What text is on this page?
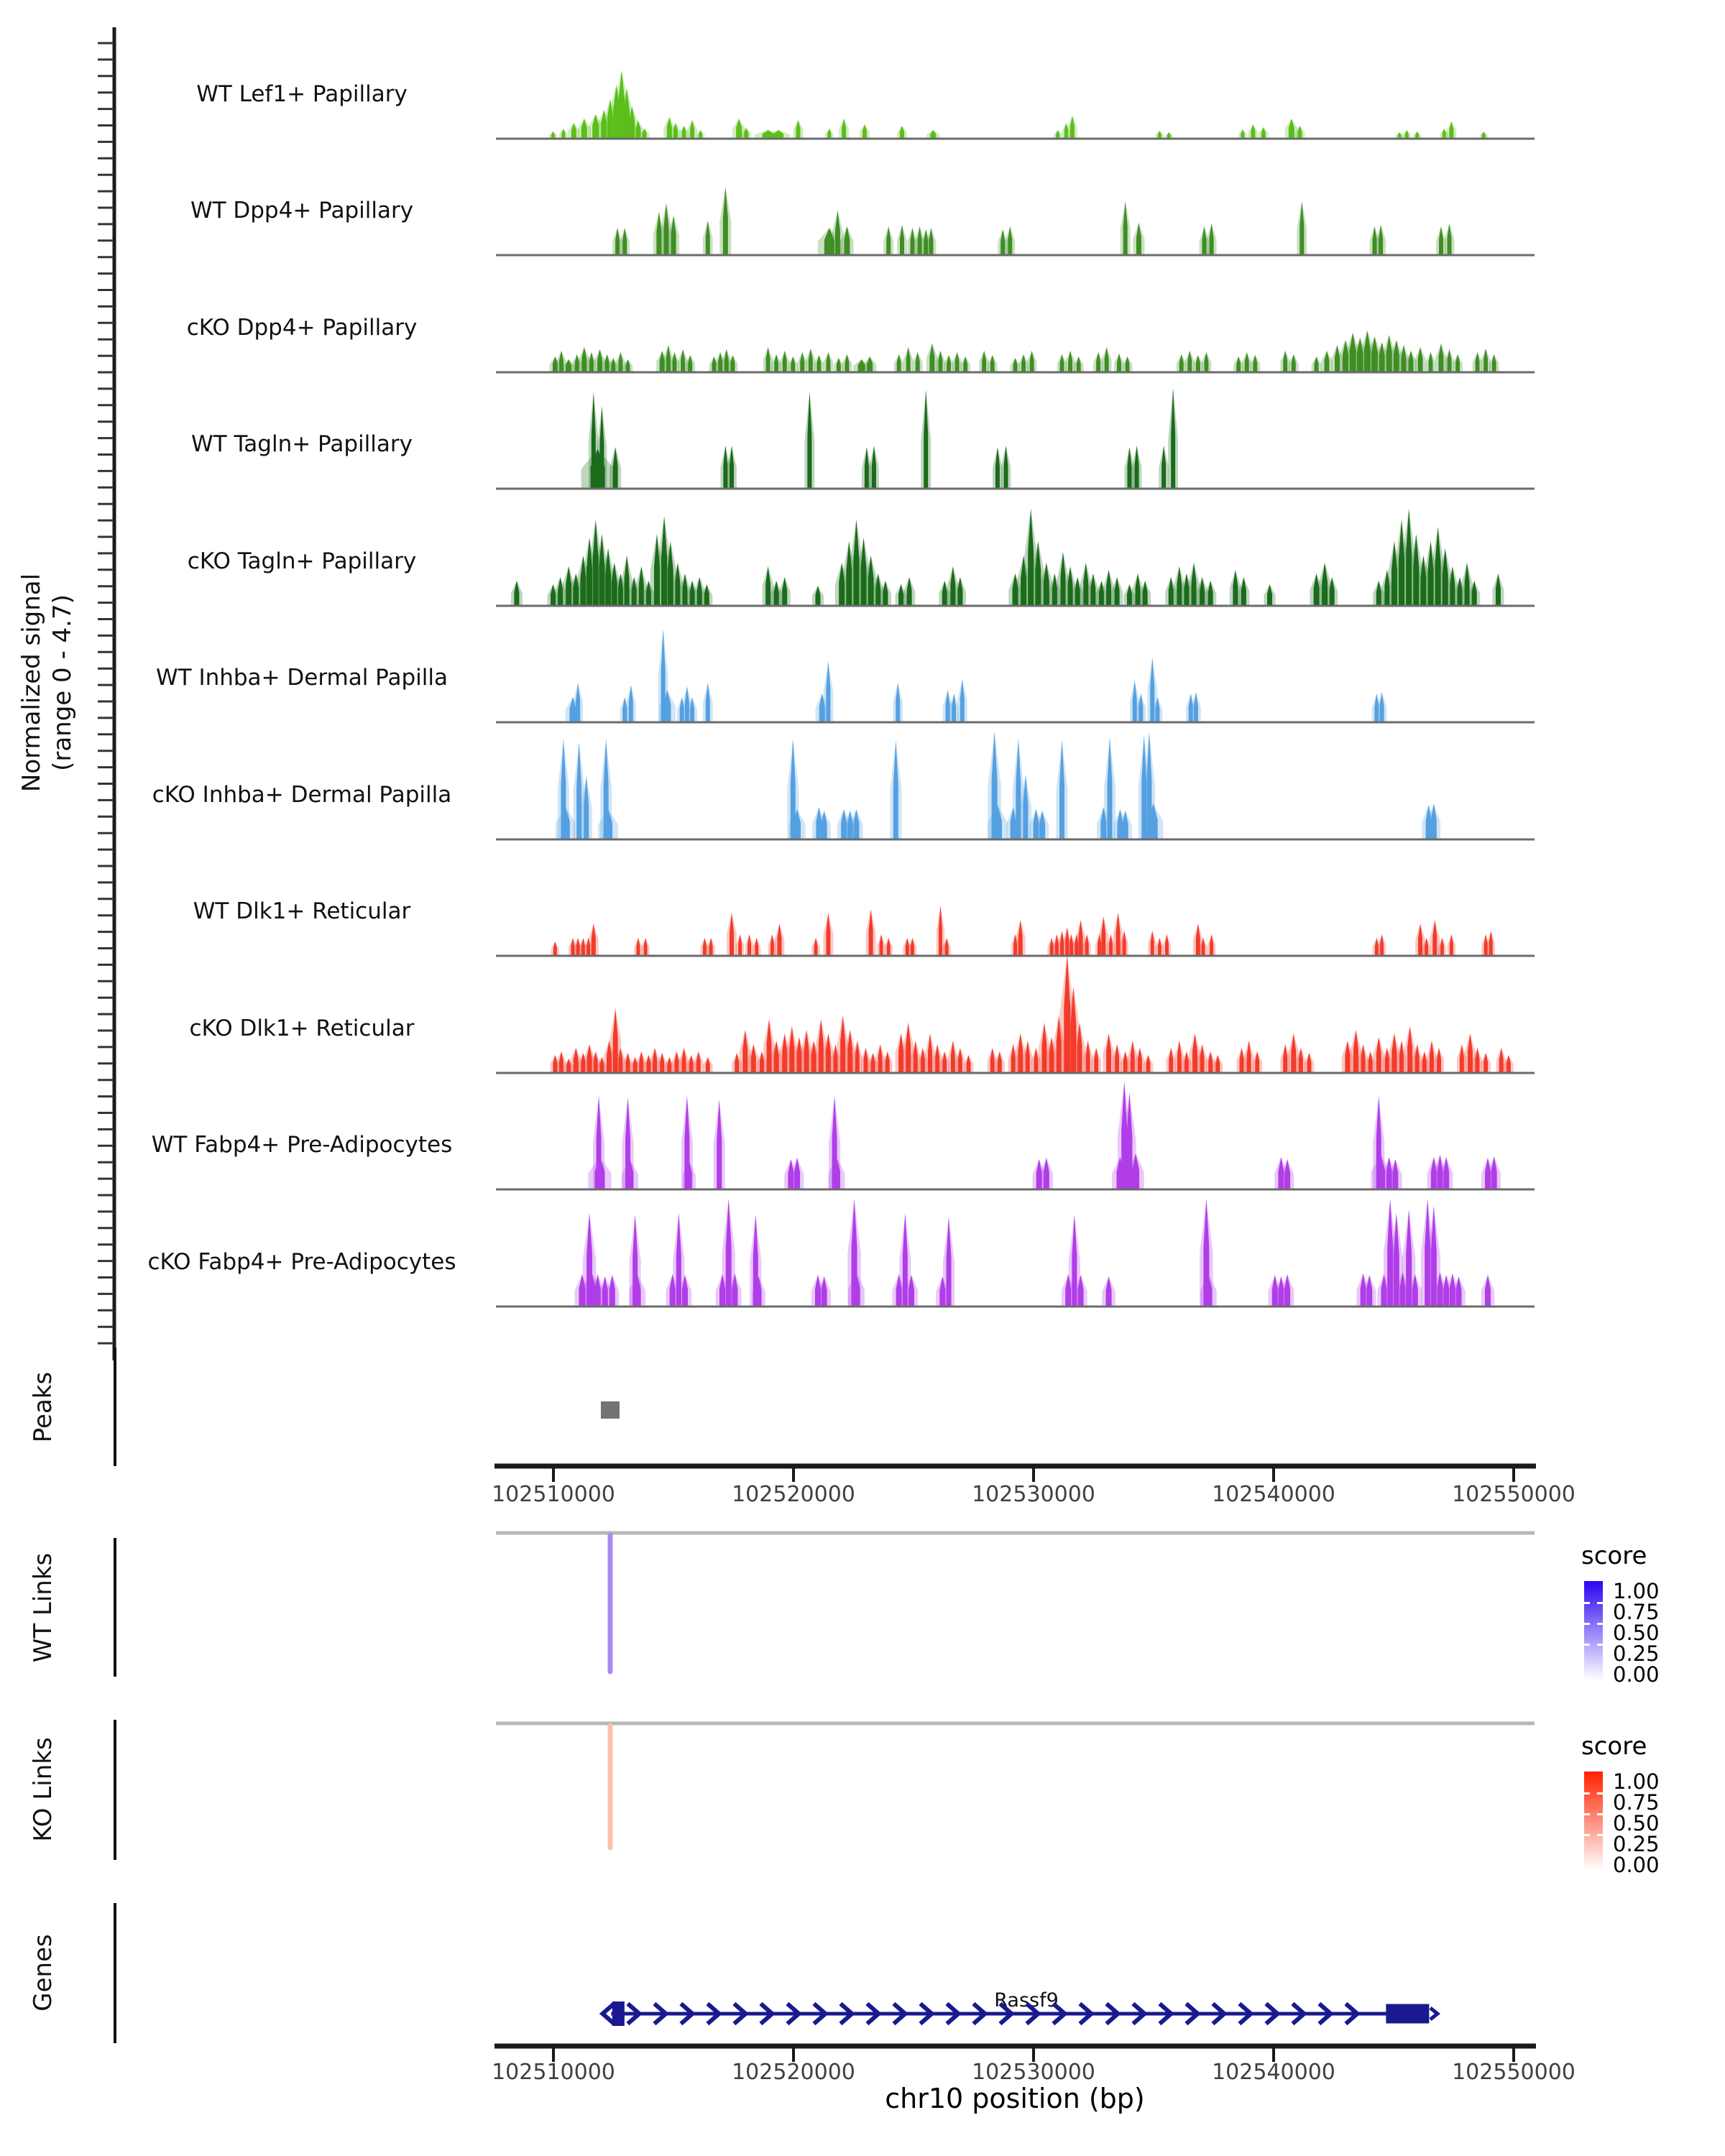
Normalized signal (range 0 - 4.7)
WT Lef1+ Papillary
WT Dpp4+ Papillary
cKO Dpp4+ Papillary
WT Tagln+ Papillary
cKO Tagln+ Papillary
WT Inhba+ Dermal Papilla
cKO Inhba+ Dermal Papilla
WT Dlk1+ Reticular
cKO Dlk1+ Reticular
WT Fabp4+ Pre-Adipocytes
cKO Fabp4+ Pre-Adipocytes
Peaks
WT Links
KO Links
Genes
102510000	102520000	102530000	102540000	102550000
102510000	102520000	102530000	102540000	102550000
chr10 position (bp)
Rassf9
score
1.00
0.75
0.50
0.25
0.00
score
1.00
0.75
0.50
0.25
0.00
